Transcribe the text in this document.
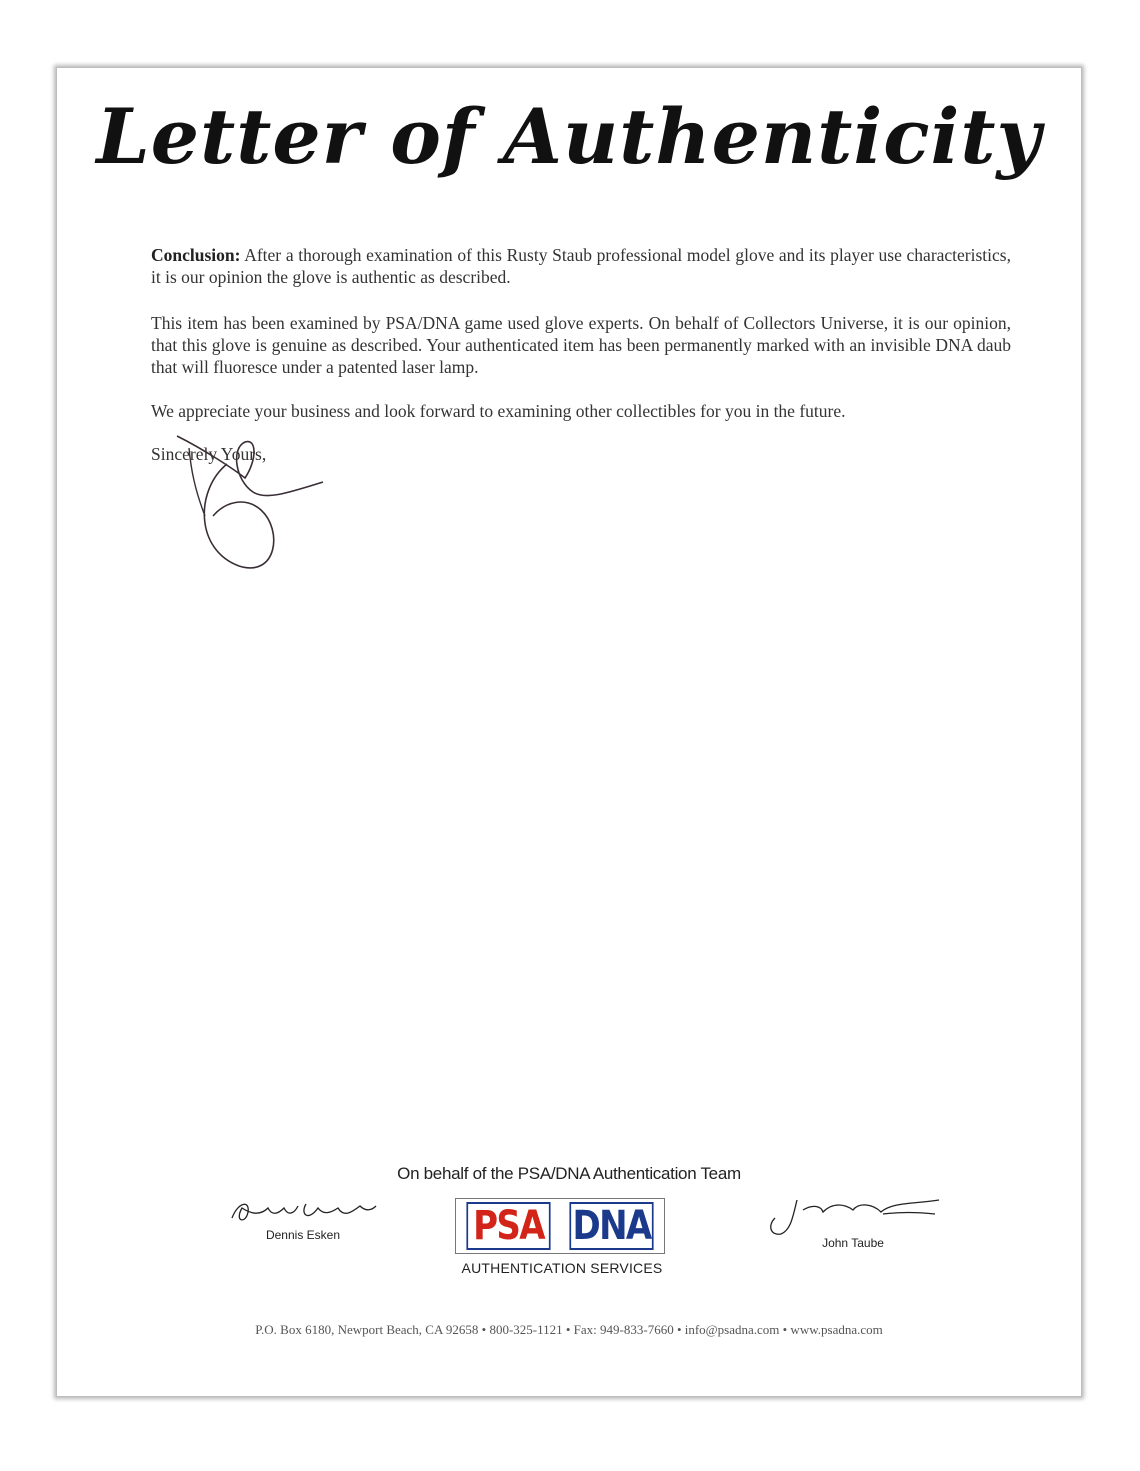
Letter of Authenticity
Conclusion: After a thorough examination of this Rusty Staub professional model glove and its player use characteristics, it is our opinion the glove is authentic as described.
This item has been examined by PSA/DNA game used glove experts. On behalf of Collectors Universe, it is our opinion, that this glove is genuine as described. Your authenticated item has been permanently marked with an invisible DNA daub that will fluoresce under a patented laser lamp.
We appreciate your business and look forward to examining other collectibles for you in the future.
Sincerely Yours,
On behalf of the PSA/DNA Authentication Team
Dennis Esken	PSA DNA
AUTHENTICATION SERVICES
John Taube
P.O. Box 6180, Newport Beach, CA 92658 • 800-325-1121 • Fax: 949-833-7660 • info@psadna.com • www.psadna.com
